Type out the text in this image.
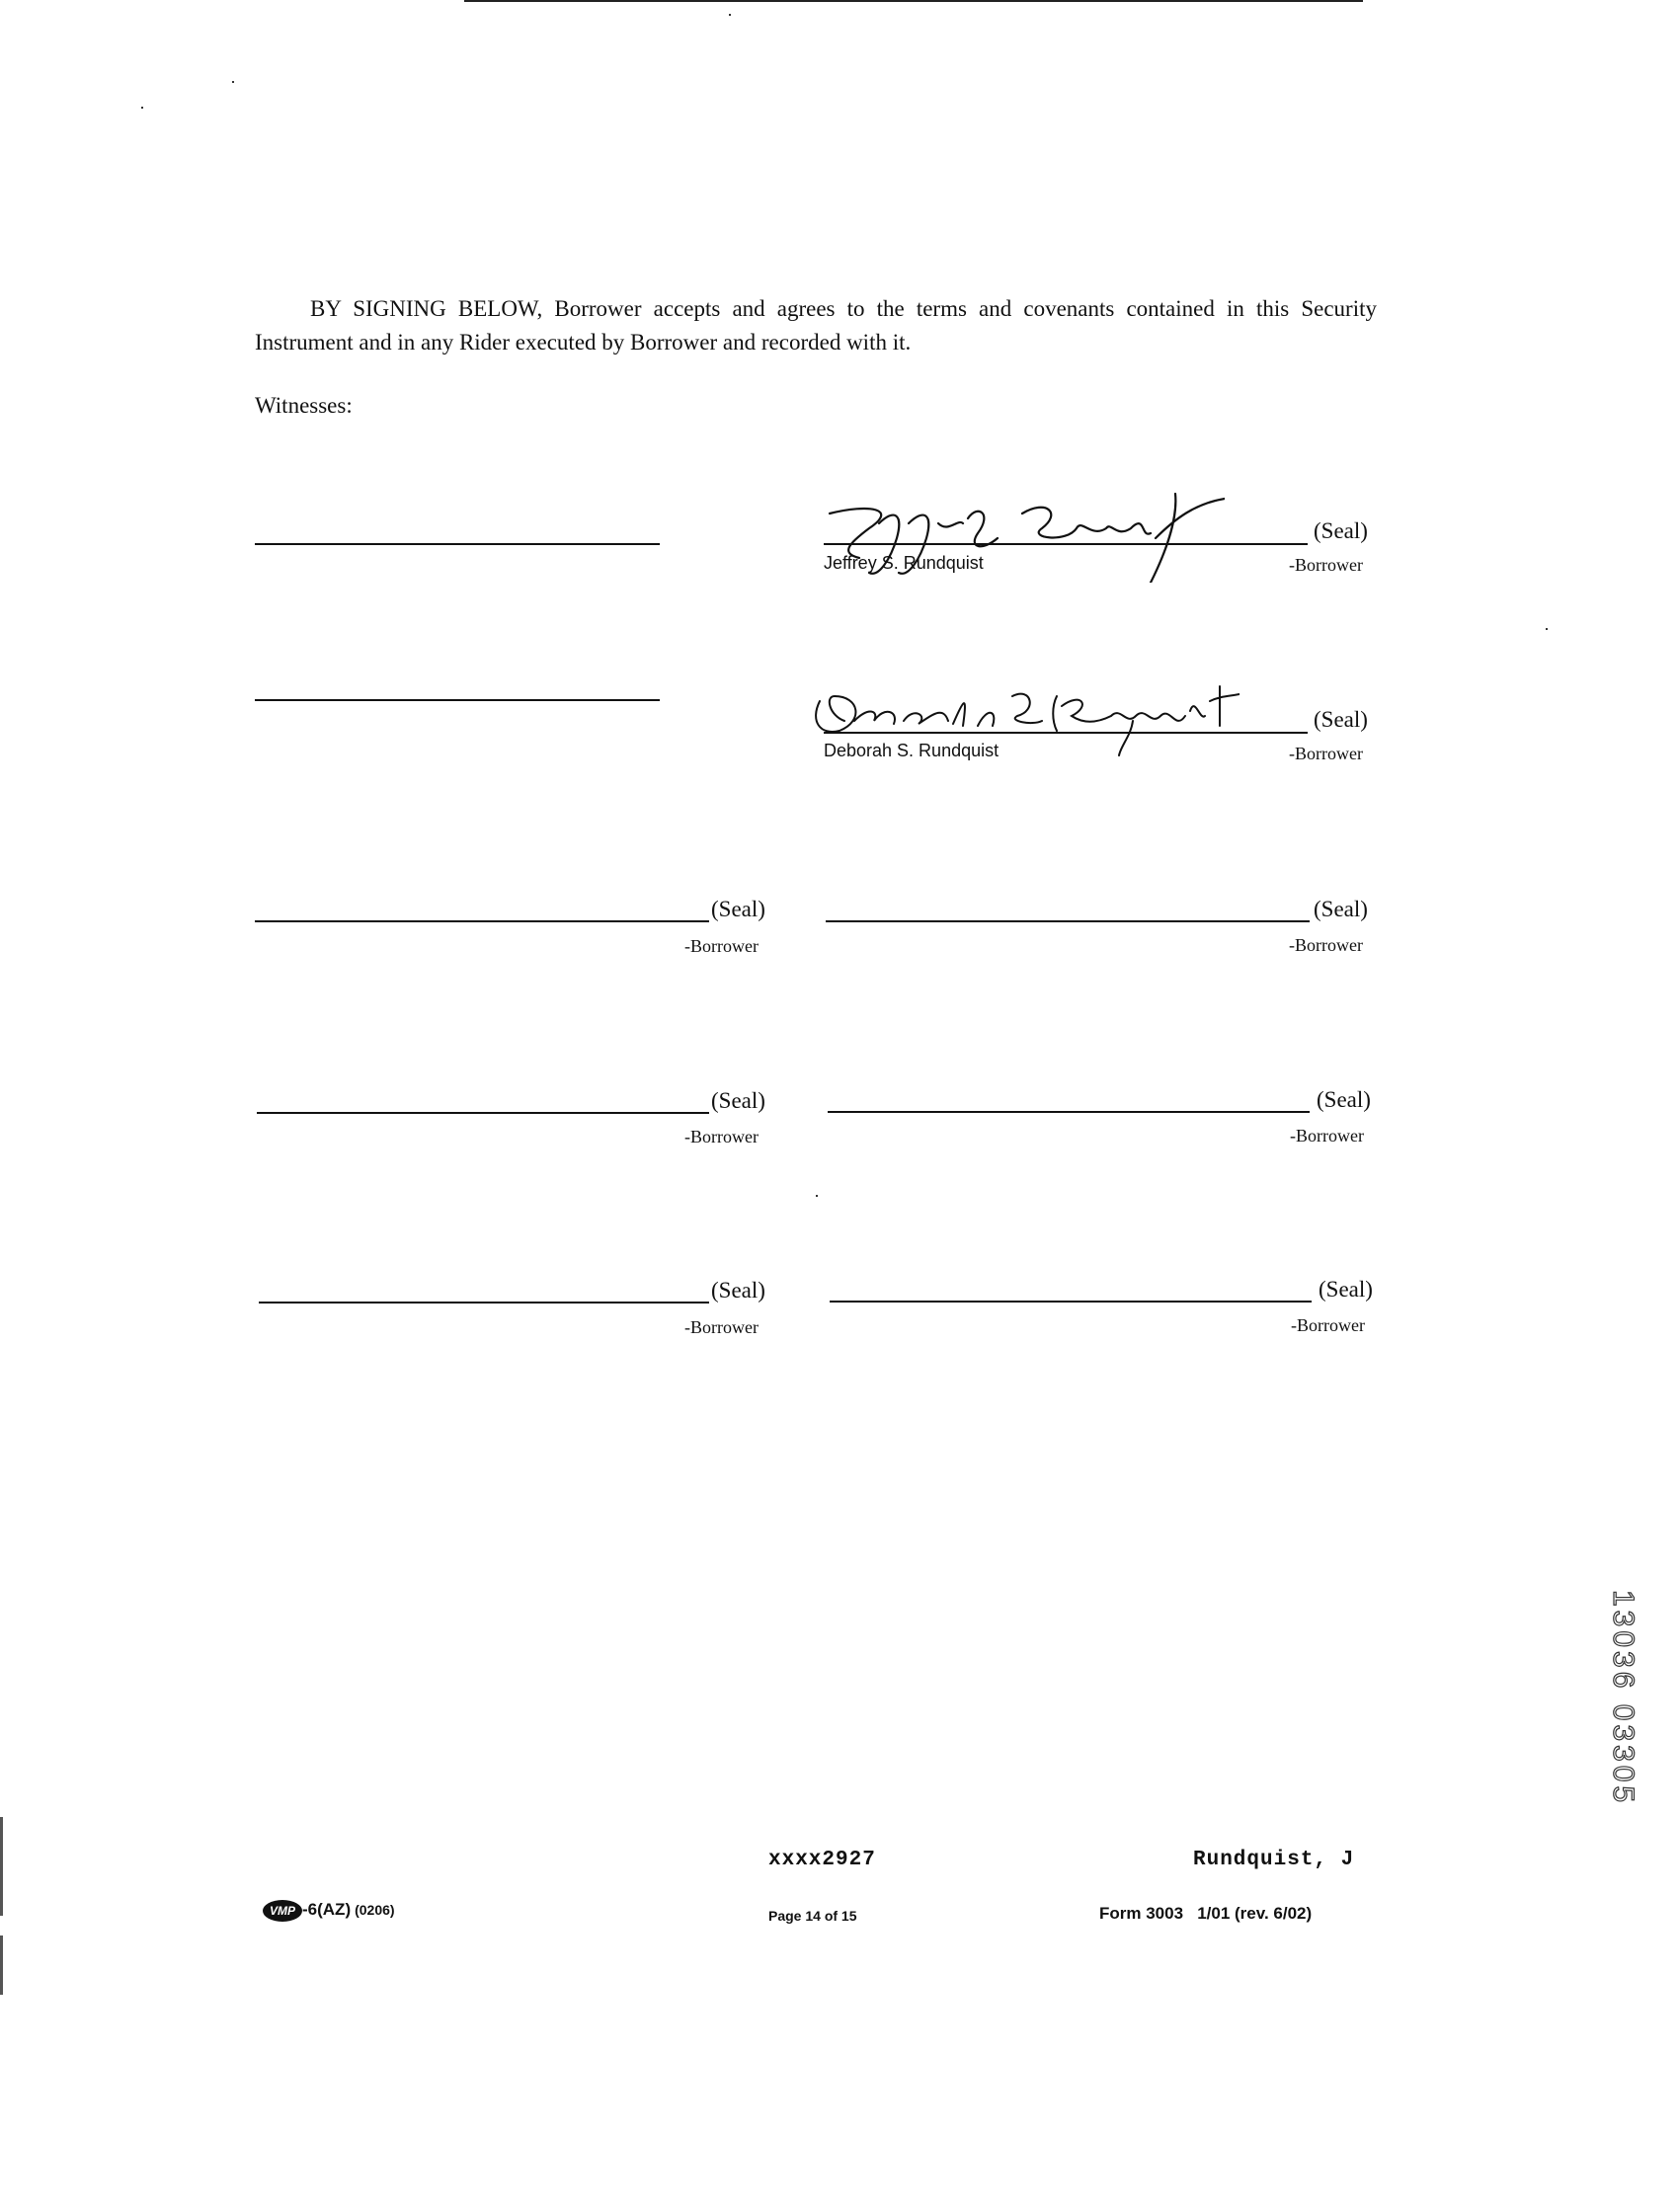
BY SIGNING BELOW, Borrower accepts and agrees to the terms and covenants contained in this Security Instrument and in any Rider executed by Borrower and recorded with it.
Witnesses:
(Seal)
Jeffrey S. Rundquist	-Borrower
(Seal)
Deborah S. Rundquist	-Borrower
(Seal)
-Borrower
(Seal)
-Borrower
(Seal)
-Borrower
(Seal)
-Borrower
(Seal)
-Borrower
(Seal)
-Borrower
xxxx2927	Rundquist, J
VMP -6(AZ) (0206)	Page 14 of 15	Form 3003   1/01 (rev. 6/02)
13036 03305
